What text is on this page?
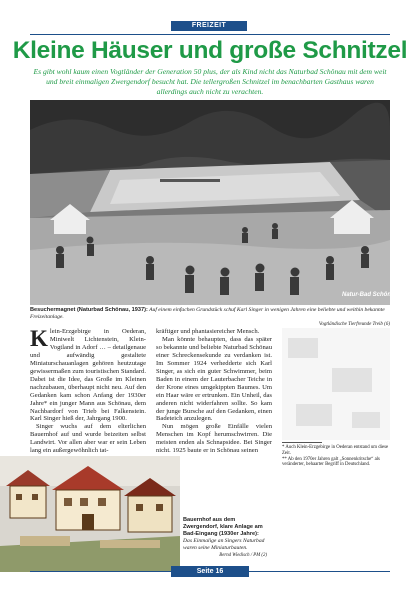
FREIZEIT
Kleine Häuser und große Schnitzel
Es gibt wohl kaum einen Vogtländer der Generation 50 plus, der als Kind nicht das Naturbad Schönau mit dem weit und breit einmaligen Zwergendorf besucht hat. Die tellergroßen Schnitzel im benachbarten Gasthaus waren allerdings auch nicht zu verachten.
Natur-Bad Schönau
Besuchermagnet (Naturbad Schönau, 1937): Auf einem einfachen Grundstück schuf Karl Singer in wenigen Jahren eine beliebte und weithin bekannte Freizeitanlage.
Vogtländische Tierfreunde Treib (6)
K lein-Erzgebirge in Oederan, Miniwelt Lichtenstein, Klein-Vogtland in Adorf … – detailgenaue und aufwändig gestaltete Miniaturschauanlagen gehören heutzutage gewissermaßen zum touristischen Standard. Dabei ist die Idee, das Große im Kleinen nachzubauen, überhaupt nicht neu. Auf den Gedanken kam schon Anfang der 1930er Jahre* ein junger Mann aus Schönau, dem Nachbardorf von Trieb bei Falkenstein. Karl Singer hieß der, Jahrgang 1900.

Singer wuchs auf dem elterlichen Bauernhof auf und wurde beizeiten selbst Landwirt. Vor allen aber war er sein Leben lang ein außergewöhnlich tat-

kräftiger und phantasiereicher Mensch.

Man könnte behaupten, dass das später so bekannte und beliebte Naturbad Schönau einer Schreckensekunde zu verdanken ist. Im Sommer 1924 verhedderte sich Karl Singer, as sich ein guter Schwimmer, beim Baden in einem der Lauterbacher Teiche in der Krone eines umgekippten Baumes. Um ein Haar wäre er ertrunken. Ein Unheil, das anderen nicht widerfahren sollte. So kam der junge Bursche auf den Gedanken, einen Badeteich anzulegen.

Nun mögen große Einfälle vielen Menschen im Kopf herumschwirren. Die meisten enden als Schnapsidee. Bei Singer nicht. 1925 baute er in Schönau seinen	* Auch Klein-Erzgebirge in Oederan entstand um diese Zeit.

** Ab den 1970er Jahren galt „Sonnenkritsche“ als veränderter, behaarter Begriff in Deutschland.

Bauernhof aus dem Zwergendorf, klare Anlage am Bad-Eingang (1930er Jahre): Das Einmalige an Singers Naturbad waren seine Miniaturbauten.
Bernd Wiedisch / PM (2)
Seite 16
